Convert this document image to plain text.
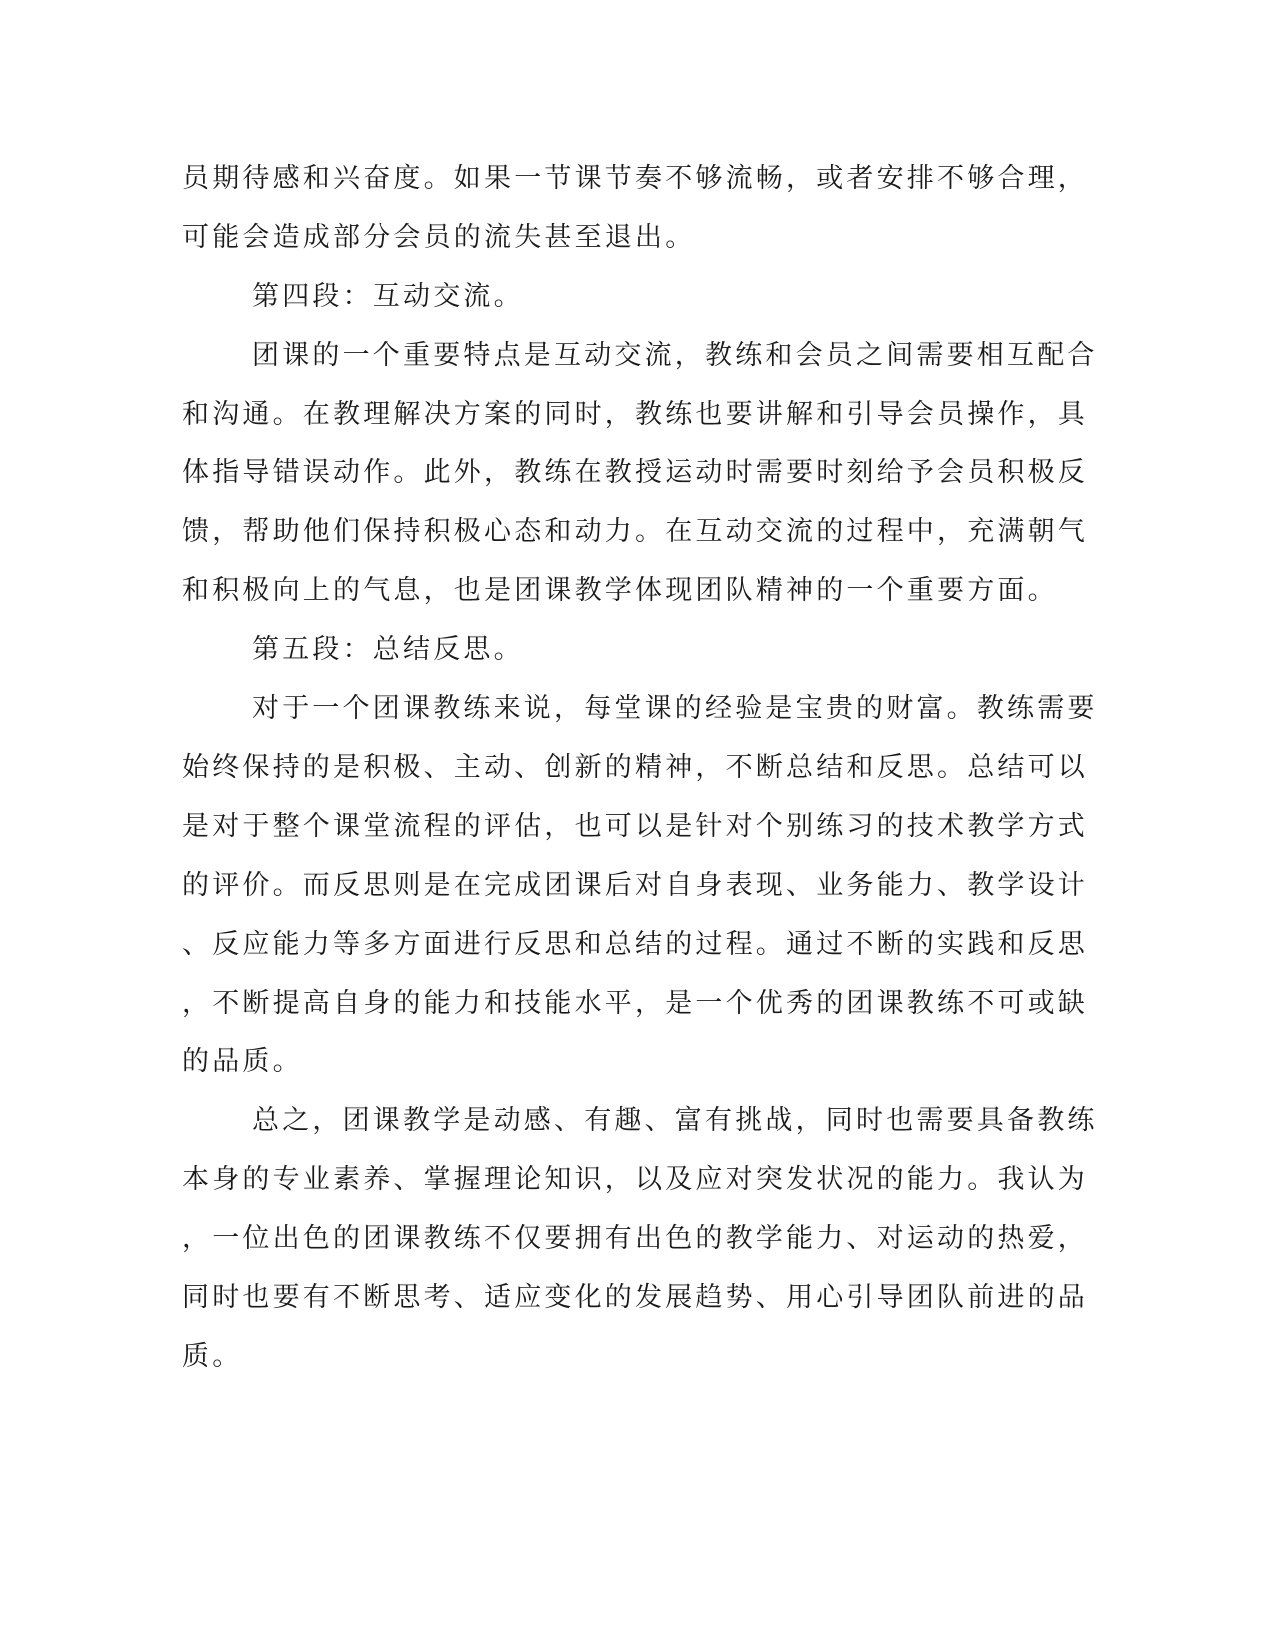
员期待感和兴奋度。如果一节课节奏不够流畅，或者安排不够合理，
可能会造成部分会员的流失甚至退出。
第四段：互动交流。
团课的一个重要特点是互动交流，教练和会员之间需要相互配合
和沟通。在教理解决方案的同时，教练也要讲解和引导会员操作，具
体指导错误动作。此外，教练在教授运动时需要时刻给予会员积极反
馈，帮助他们保持积极心态和动力。在互动交流的过程中，充满朝气
和积极向上的气息，也是团课教学体现团队精神的一个重要方面。
第五段：总结反思。
对于一个团课教练来说，每堂课的经验是宝贵的财富。教练需要
始终保持的是积极、主动、创新的精神，不断总结和反思。总结可以
是对于整个课堂流程的评估，也可以是针对个别练习的技术教学方式
的评价。而反思则是在完成团课后对自身表现、业务能力、教学设计
、反应能力等多方面进行反思和总结的过程。通过不断的实践和反思
，不断提高自身的能力和技能水平，是一个优秀的团课教练不可或缺
的品质。
总之，团课教学是动感、有趣、富有挑战，同时也需要具备教练
本身的专业素养、掌握理论知识，以及应对突发状况的能力。我认为
，一位出色的团课教练不仅要拥有出色的教学能力、对运动的热爱，
同时也要有不断思考、适应变化的发展趋势、用心引导团队前进的品
质。
